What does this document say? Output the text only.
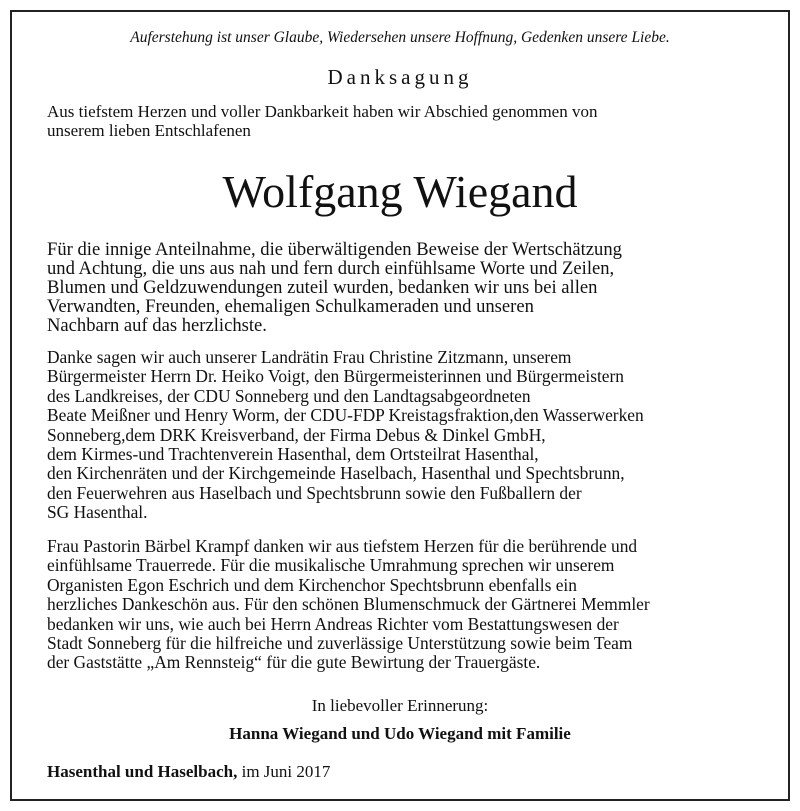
Auferstehung ist unser Glaube, Wiedersehen unsere Hoffnung, Gedenken unsere Liebe.
Danksagung
Aus tiefstem Herzen und voller Dankbarkeit haben wir Abschied genommen von
unserem lieben Entschlafenen
Wolfgang Wiegand
Für die innige Anteilnahme, die überwältigenden Beweise der Wertschätzung
und Achtung, die uns aus nah und fern durch einfühlsame Worte und Zeilen,
Blumen und Geldzuwendungen zuteil wurden, bedanken wir uns bei allen
Verwandten, Freunden, ehemaligen Schulkameraden und unseren
Nachbarn auf das herzlichste.
Danke sagen wir auch unserer Landrätin Frau Christine Zitzmann, unserem
Bürgermeister Herrn Dr. Heiko Voigt, den Bürgermeisterinnen und Bürgermeistern
des Landkreises, der CDU Sonneberg und den Landtagsabgeordneten
Beate Meißner und Henry Worm, der CDU-FDP Kreistagsfraktion,den Wasserwerken
Sonneberg,dem DRK Kreisverband, der Firma Debus & Dinkel GmbH,
dem Kirmes-und Trachtenverein Hasenthal, dem Ortsteilrat Hasenthal,
den Kirchenräten und der Kirchgemeinde Haselbach, Hasenthal und Spechtsbrunn,
den Feuerwehren aus Haselbach und Spechtsbrunn sowie den Fußballern der
SG Hasenthal.
Frau Pastorin Bärbel Krampf danken wir aus tiefstem Herzen für die berührende und
einfühlsame Trauerrede. Für die musikalische Umrahmung sprechen wir unserem
Organisten Egon Eschrich und dem Kirchenchor Spechtsbrunn ebenfalls ein
herzliches Dankeschön aus. Für den schönen Blumenschmuck der Gärtnerei Memmler
bedanken wir uns, wie auch bei Herrn Andreas Richter vom Bestattungswesen der
Stadt Sonneberg für die hilfreiche und zuverlässige Unterstützung sowie beim Team
der Gaststätte „Am Rennsteig“ für die gute Bewirtung der Trauergäste.
In liebevoller Erinnerung:
Hanna Wiegand und Udo Wiegand mit Familie
Hasenthal und Haselbach, im Juni 2017
